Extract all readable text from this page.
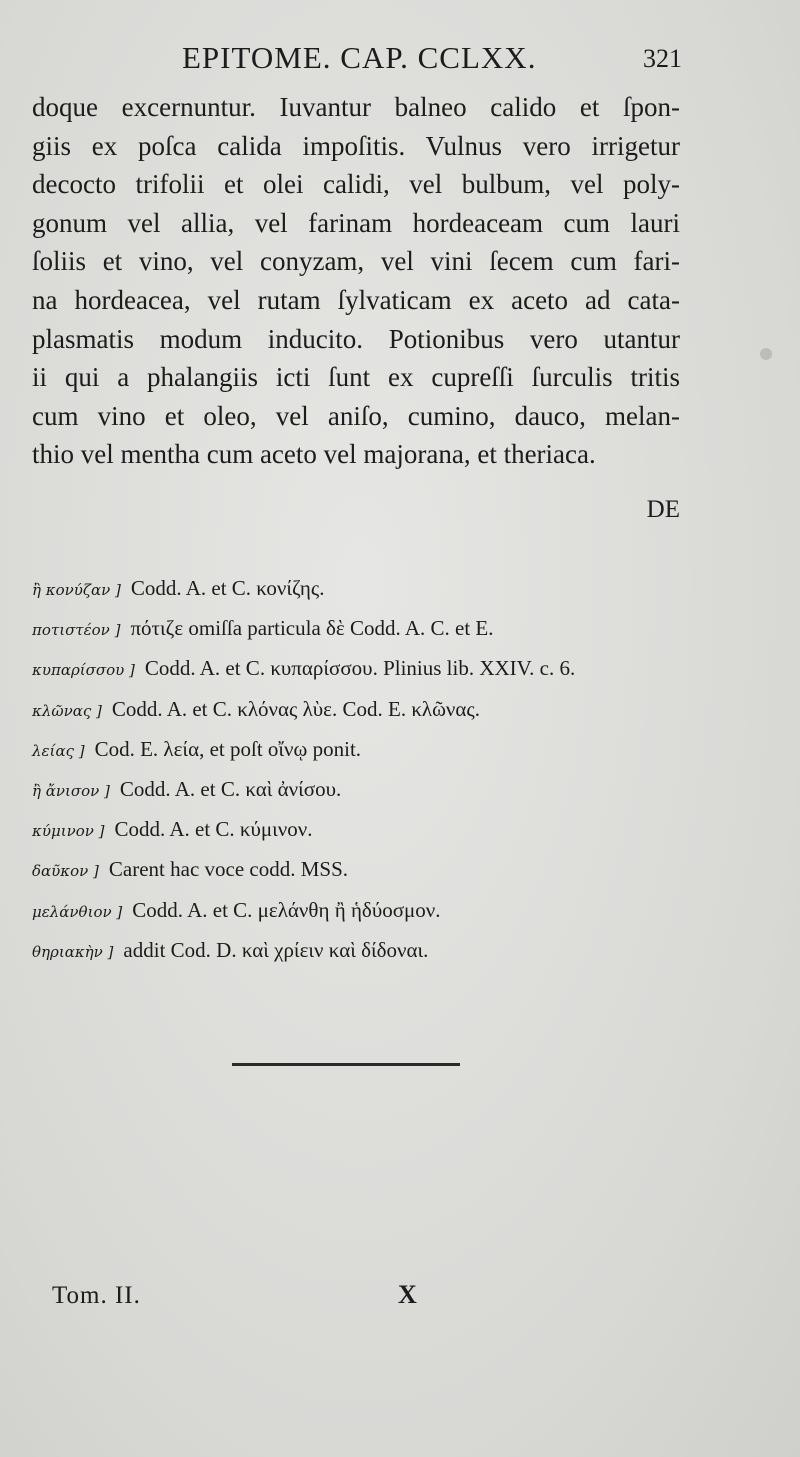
EPITOME. CAP. CCLXX.	321
doque excernuntur. Iuvantur balneo calido et ſpon-
giis ex poſca calida impoſitis. Vulnus vero irrigetur
decocto trifolii et olei calidi, vel bulbum, vel poly-
gonum vel allia, vel farinam hordeaceam cum lauri
ſoliis et vino, vel conyzam, vel vini ſecem cum fari-
na hordeacea, vel rutam ſylvaticam ex aceto ad cata-
plasmatis modum inducito. Potionibus vero utantur
ii qui a phalangiis icti ſunt ex cupreſſi ſurculis tritis
cum vino et oleo, vel aniſo, cumino, dauco, melan-
thio vel mentha cum aceto vel majorana, et theriaca.
DE
ἢ κονύζαν ] Codd. A. et C. κονίζης.
ποτιστέον ] πότιζε omiſſa particula δὲ Codd. A. C. et E.
κυπαρίσσου ] Codd. A. et C. κυπαρίσσου. Plinius lib. XXIV. c. 6.
κλῶνας ] Codd. A. et C. κλόνας λὺε. Cod. E. κλῶνας.
λείας ] Cod. E. λεία, et poſt οἴνῳ ponit.
ἢ ἄνισον ] Codd. A. et C. καὶ ἀνίσου.
κύμινον ] Codd. A. et C. κύμινον.
δαῦκον ] Carent hac voce codd. MSS.
μελάνθιον ] Codd. A. et C. μελάνθη ἢ ἡδύοσμον.
θηριακὴν ] addit Cod. D. καὶ χρίειν καὶ δίδοναι.
Tom. II.	X
